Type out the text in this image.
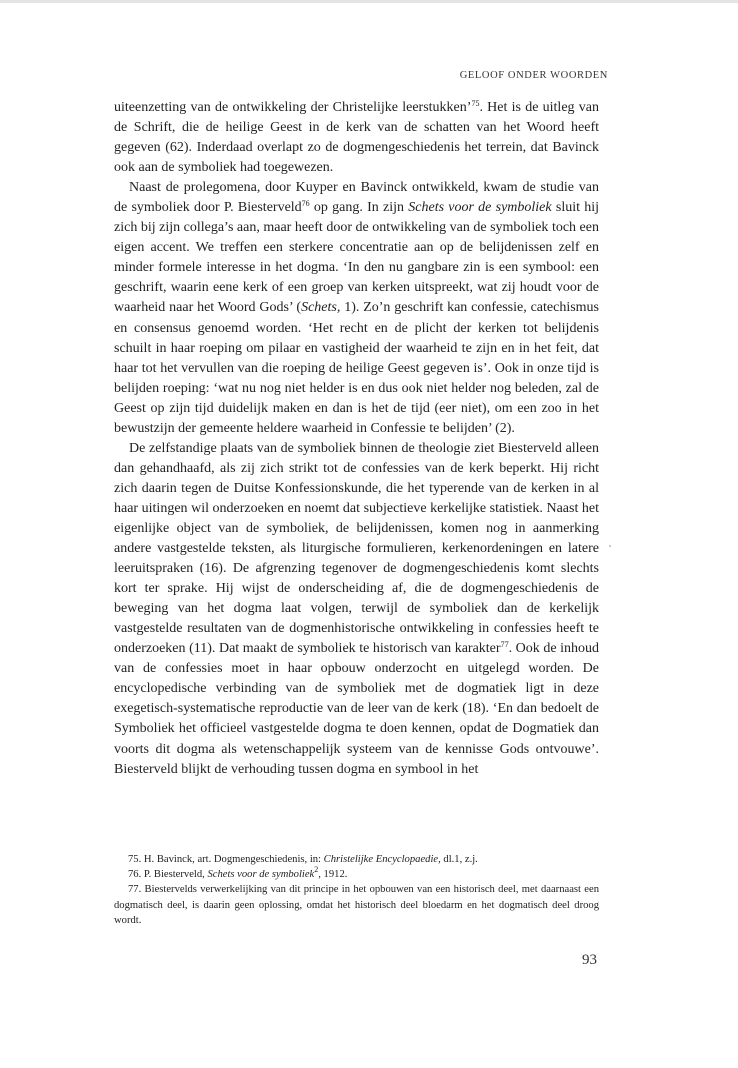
GELOOF ONDER WOORDEN

uiteenzetting van de ontwikkeling der Christelijke leerstukken’$^{75}$. Het is de uitleg van de Schrift, die de heilige Geest in de kerk van de schatten van het Woord heeft gegeven (62). Inderdaad overlapt zo de dogmengeschiedenis het terrein, dat Bavinck ook aan de symboliek had toegewezen.

Naast de prolegomena, door Kuyper en Bavinck ontwikkeld, kwam de studie van de symboliek door P. Biesterveld$^{76}$ op gang. In zijn Schets voor de symboliek sluit hij zich bij zijn collega’s aan, maar heeft door de ontwikkeling van de symboliek toch een eigen accent. We treffen een sterkere concentratie aan op de belijdenissen zelf en minder formele interesse in het dogma. ‘In den nu gangbare zin is een symbool: een geschrift, waarin eene kerk of een groep van kerken uitspreekt, wat zij houdt voor de waarheid naar het Woord Gods’ (Schets, 1). Zo’n geschrift kan confessie, catechismus en consensus genoemd worden. ‘Het recht en de plicht der kerken tot belijdenis schuilt in haar roeping om pilaar en vastigheid der waarheid te zijn en in het feit, dat haar tot het vervullen van die roeping de heilige Geest gegeven is’. Ook in onze tijd is belijden roeping: ‘wat nu nog niet helder is en dus ook niet helder nog beleden, zal de Geest op zijn tijd duidelijk maken en dan is het de tijd (eer niet), om een zoo in het bewustzijn der gemeente heldere waarheid in Confessie te belijden’ (2).

De zelfstandige plaats van de symboliek binnen de theologie ziet Biesterveld alleen dan gehandhaafd, als zij zich strikt tot de confessies van de kerk beperkt. Hij richt zich daarin tegen de Duitse Konfessionskunde, die het typerende van de kerken in al haar uitingen wil onderzoeken en noemt dat subjectieve kerkelijke statistiek. Naast het eigenlijke object van de symboliek, de belijdenissen, komen nog in aanmerking andere vastgestelde teksten, als liturgische formulieren, kerkenordeningen en latere leeruitspraken (16). De afgrenzing tegenover de dogmengeschiedenis komt slechts kort ter sprake. Hij wijst de onderscheiding af, die de dogmengeschiedenis de beweging van het dogma laat volgen, terwijl de symboliek dan de kerkelijk vastgestelde resultaten van de dogmenhistorische ontwikkeling in confessies heeft te onderzoeken (11). Dat maakt de symboliek te historisch van karakter$^{77}$. Ook de inhoud van de confessies moet in haar opbouw onderzocht en uitgelegd worden. De encyclopedische verbinding van de symboliek met de dogmatiek ligt in deze exegetisch-systematische reproductie van de leer van de kerk (18). ‘En dan bedoelt de Symboliek het officieel vastgestelde dogma te doen kennen, opdat de Dogmatiek dan voorts dit dogma als wetenschappelijk systeem van de kennisse Gods ontvouwe’. Biesterveld blijkt de verhouding tussen dogma en symbool in het

75. H. Bavinck, art. Dogmengeschiedenis, in: Christelijke Encyclopaedie, dl.1, z.j.

76. P. Biesterveld, Schets voor de symboliek$^2$, 1912.

77. Biestervelds verwerkelijking van dit principe in het opbouwen van een historisch deel, met daarnaast een dogmatisch deel, is daarin geen oplossing, omdat het historisch deel bloedarm en het dogmatisch deel droog wordt.

93
